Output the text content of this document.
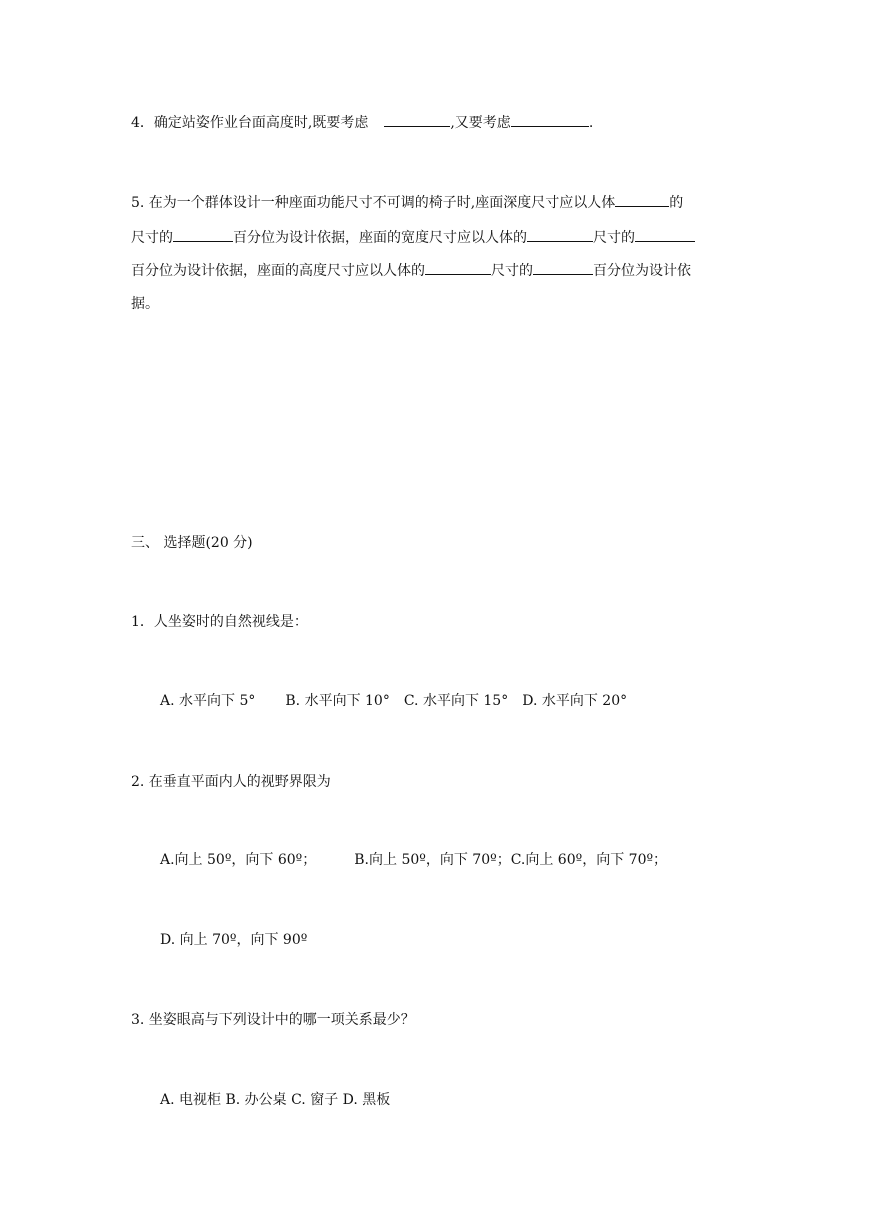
4．确定站姿作业台面高度时,既要考虑	,又要考虑	.
5. 在为一个群体设计一种座面功能尺寸不可调的椅子时,座面深度尺寸应以人体	的
尺寸的	百分位为设计依据，座面的宽度尺寸应以人体的	尺寸的
百分位为设计依据，座面的高度尺寸应以人体的	尺寸的	百分位为设计依
据。
三、 选择题(20 分)
1．人坐姿时的自然视线是：
A. 水平向下 5° B. 水平向下 10° C. 水平向下 15° D. 水平向下 20°
2. 在垂直平面内人的视野界限为
A.向上 50º，向下 60º；	B.向上 50º，向下 70º；C.向上 60º，向下 70º；
D. 向上 70º，向下 90º
3. 坐姿眼高与下列设计中的哪一项关系最少？
A. 电视柜 B. 办公桌 C. 窗子 D. 黑板
